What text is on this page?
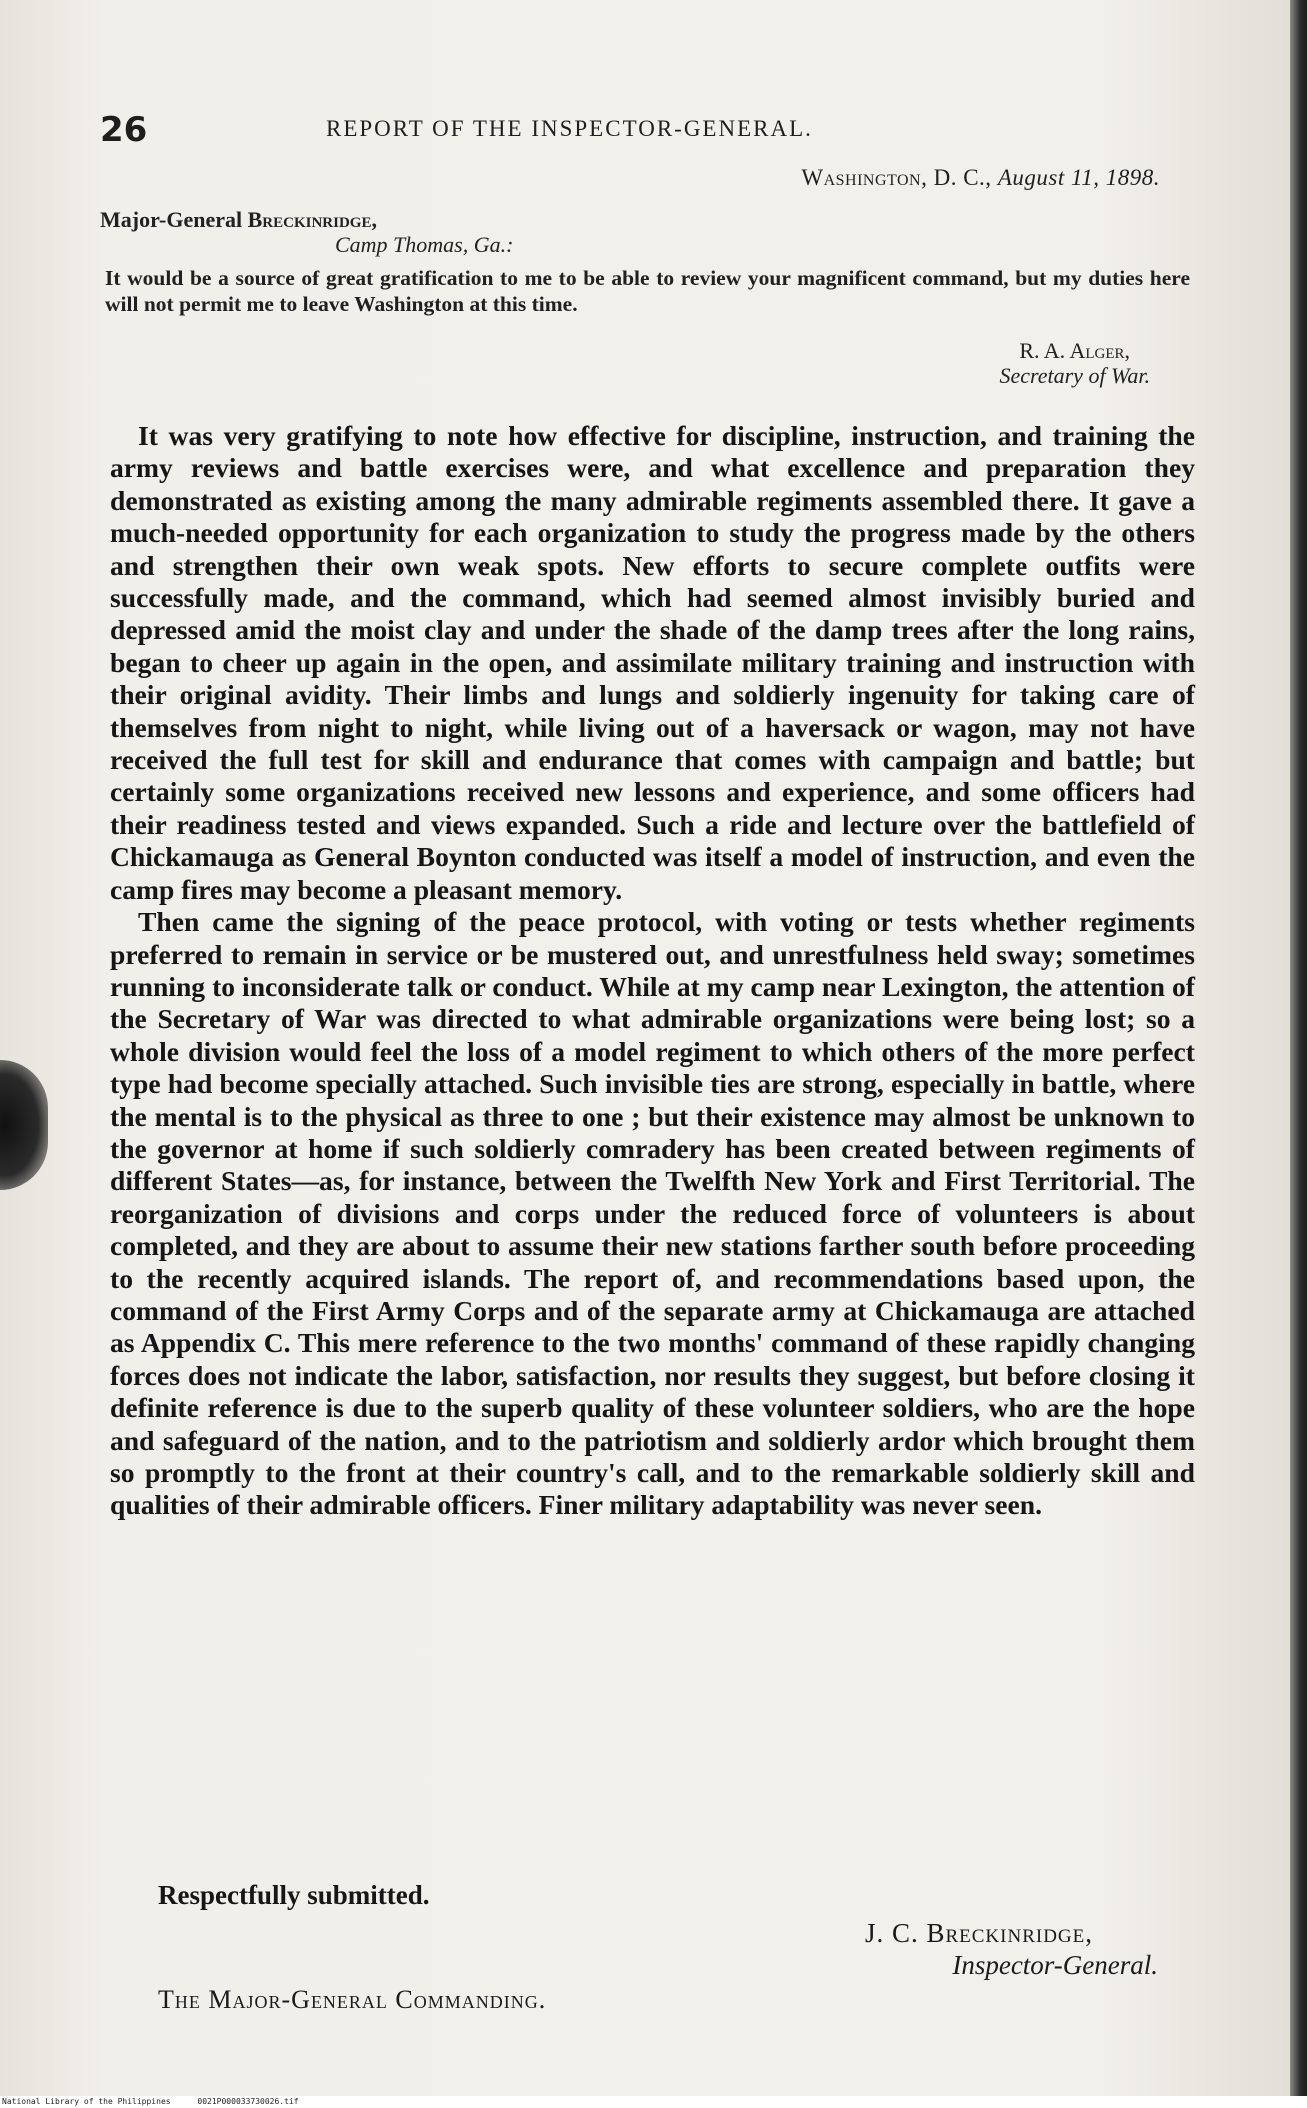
26	REPORT OF THE INSPECTOR-GENERAL.
Washington, D. C., August 11, 1898.
Major-General Breckinridge,
Camp Thomas, Ga.:
It would be a source of great gratification to me to be able to review your magnificent command, but my duties here will not permit me to leave Washington at this time.
R. A. Alger,
Secretary of War.

It was very gratifying to note how effective for discipline, instruction, and training the army reviews and battle exercises were, and what excellence and preparation they demonstrated as existing among the many admirable regiments assembled there. It gave a much-needed opportunity for each organization to study the progress made by the others and strengthen their own weak spots. New efforts to secure complete outfits were successfully made, and the command, which had seemed almost invisibly buried and depressed amid the moist clay and under the shade of the damp trees after the long rains, began to cheer up again in the open, and assimilate military training and instruction with their original avidity. Their limbs and lungs and soldierly ingenuity for taking care of themselves from night to night, while living out of a haversack or wagon, may not have received the full test for skill and endurance that comes with campaign and battle; but certainly some organizations received new lessons and experience, and some officers had their readiness tested and views expanded. Such a ride and lecture over the battlefield of Chickamauga as General Boynton conducted was itself a model of instruction, and even the camp fires may become a pleasant memory.

Then came the signing of the peace protocol, with voting or tests whether regiments preferred to remain in service or be mustered out, and unrestfulness held sway; sometimes running to inconsiderate talk or conduct. While at my camp near Lexington, the attention of the Secretary of War was directed to what admirable organizations were being lost; so a whole division would feel the loss of a model regiment to which others of the more perfect type had become specially attached. Such invisible ties are strong, especially in battle, where the mental is to the physical as three to one ; but their existence may almost be unknown to the governor at home if such soldierly comradery has been created between regiments of different States—as, for instance, between the Twelfth New York and First Territorial. The reorganization of divisions and corps under the reduced force of volunteers is about completed, and they are about to assume their new stations farther south before proceeding to the recently acquired islands. The report of, and recommendations based upon, the command of the First Army Corps and of the separate army at Chickamauga are attached as Appendix C. This mere reference to the two months' command of these rapidly changing forces does not indicate the labor, satisfaction, nor results they suggest, but before closing it definite reference is due to the superb quality of these volunteer soldiers, who are the hope and safeguard of the nation, and to the patriotism and soldierly ardor which brought them so promptly to the front at their country's call, and to the remarkable soldierly skill and qualities of their admirable officers. Finer military adaptability was never seen.

Respectfully submitted.
J. C. Breckinridge,
Inspector-General.
The Major-General Commanding.
National Library of the Philippines	0021P000033730026.tif
